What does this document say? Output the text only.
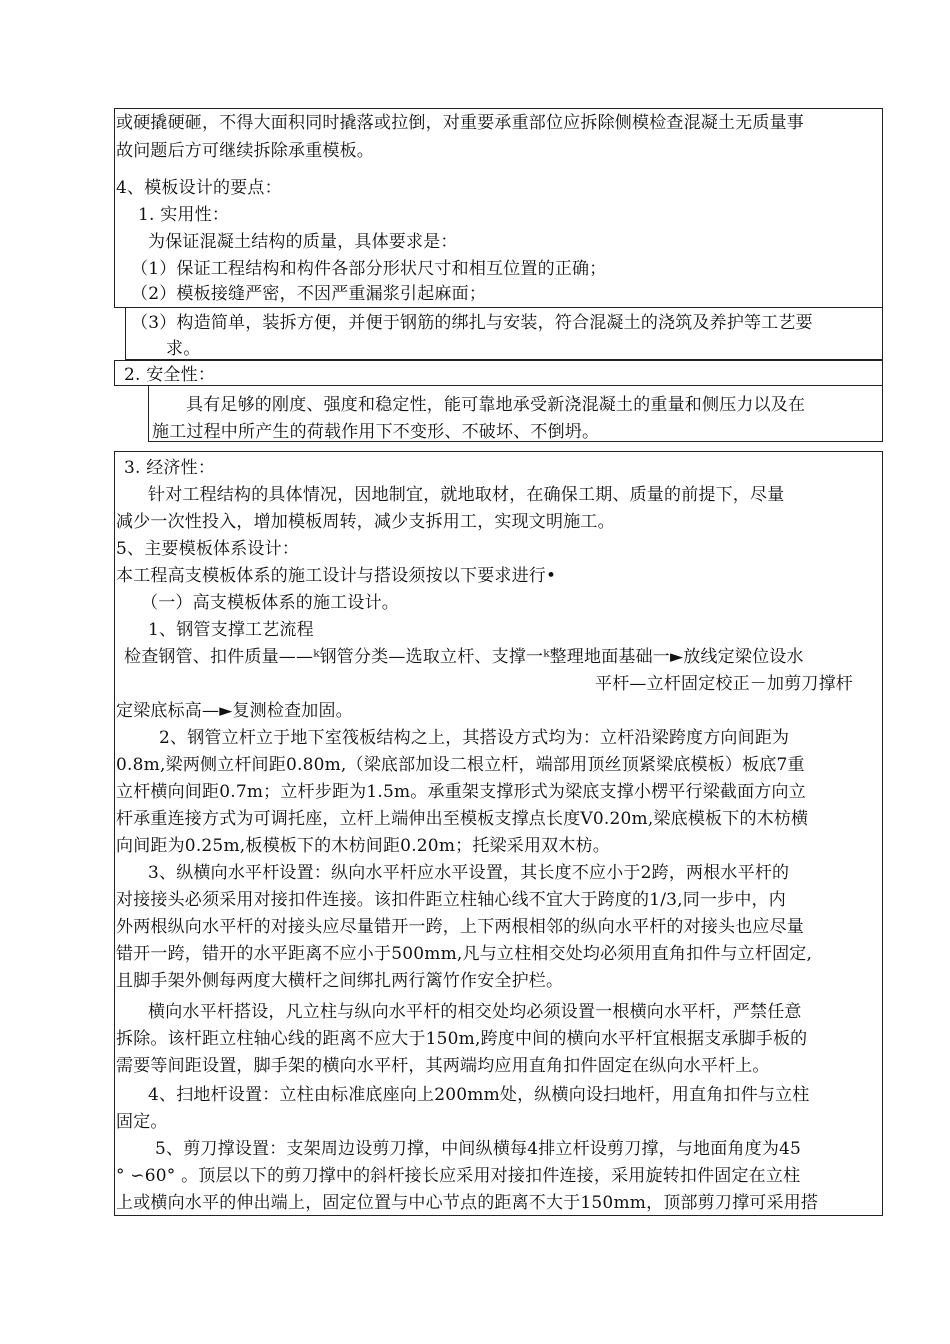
或硬撬硬砸，不得大面积同时撬落或拉倒，对重要承重部位应拆除侧模检查混凝土无质量事
故问题后方可继续拆除承重模板。
4、模板设计的要点：
1. 实用性：
为保证混凝土结构的质量，具体要求是：
（1）保证工程结构和构件各部分形状尺寸和相互位置的正确；
（2）模板接缝严密，不因严重漏浆引起麻面；
（3）构造简单，装拆方便，并便于钢筋的绑扎与安装，符合混凝土的浇筑及养护等工艺要
求。
2. 安全性：
具有足够的刚度、强度和稳定性，能可靠地承受新浇混凝土的重量和侧压力以及在
施工过程中所产生的荷载作用下不变形、不破坏、不倒坍。
3. 经济性：
针对工程结构的具体情况，因地制宜，就地取材，在确保工期、质量的前提下，尽量
减少一次性投入，增加模板周转，减少支拆用工，实现文明施工。
5、主要模板体系设计：
本工程高支模板体系的施工设计与搭设须按以下要求进行•
（一）高支模板体系的施工设计。
1、钢管支撑工艺流程
检查钢管、扣件质量——ᵏ钢管分类—选取立杆、支撑一ᵏ整理地面基础一►放线定梁位设水
平杆—立杆固定校正－加剪刀撑杆
定梁底标高—►复测检查加固。
2、钢管立杆立于地下室筏板结构之上，其搭设方式均为：立杆沿梁跨度方向间距为
0.8m,梁两侧立杆间距0.80m,（梁底部加设二根立杆，端部用顶丝顶紧梁底模板）板底7重
立杆横向间距0.7m；立杆步距为1.5m。承重架支撑形式为梁底支撑小楞平行梁截面方向立
杆承重连接方式为可调托座，立杆上端伸出至模板支撑点长度V0.20m,梁底模板下的木枋横
向间距为0.25m,板模板下的木枋间距0.20m；托梁采用双木枋。
3、纵横向水平杆设置：纵向水平杆应水平设置，其长度不应小于2跨，两根水平杆的
对接接头必须采用对接扣件连接。该扣件距立柱轴心线不宜大于跨度的1/3,同一步中，内
外两根纵向水平杆的对接头应尽量错开一跨，上下两根相邻的纵向水平杆的对接头也应尽量
错开一跨，错开的水平距离不应小于500mm,凡与立柱相交处均必须用直角扣件与立杆固定,
且脚手架外侧每两度大横杆之间绑扎两行篱竹作安全护栏。
横向水平杆搭设，凡立柱与纵向水平杆的相交处均必须设置一根横向水平杆，严禁任意
拆除。该杆距立柱轴心线的距离不应大于150m,跨度中间的横向水平杆宜根据支承脚手板的
需要等间距设置，脚手架的横向水平杆，其两端均应用直角扣件固定在纵向水平杆上。
4、扫地杆设置：立柱由标准底座向上200mm处，纵横向设扫地杆，用直角扣件与立柱
固定。
5、剪刀撑设置：支架周边设剪刀撑，中间纵横每4排立杆设剪刀撑，与地面角度为45
° ∽60° 。顶层以下的剪刀撑中的斜杆接长应采用对接扣件连接，采用旋转扣件固定在立柱
上或横向水平的伸出端上，固定位置与中心节点的距离不大于150mm，顶部剪刀撑可采用搭
